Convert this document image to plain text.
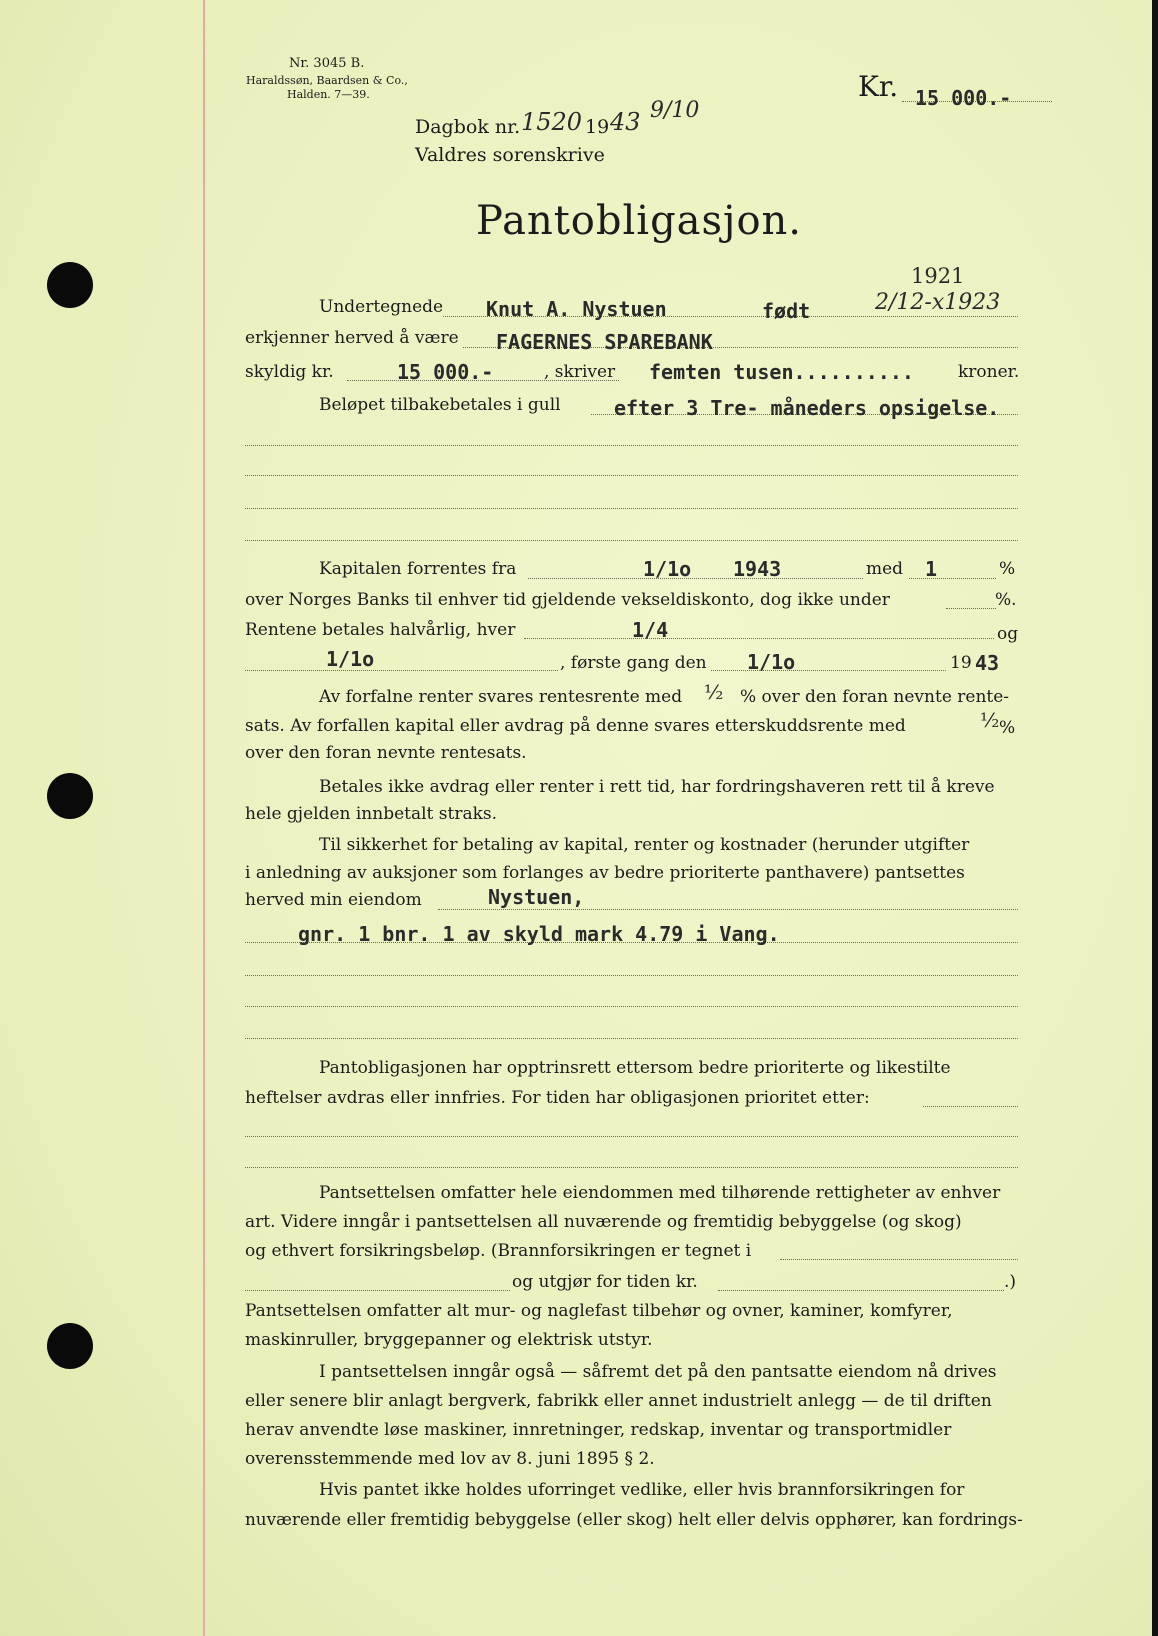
Nr. 3045 B.
Haraldssøn, Baardsen & Co.,
Halden. 7—39.	Kr. 15 000.-
Dagbok nr. 1520 19 43 9/10
Valdres sorenskrive
Pantobligasjon.
1921
Undertegnede Knut A. Nystuen	født	2/12-x1923
erkjenner herved å være FAGERNES SPAREBANK
skyldig kr.	15 000.-	, skriver femten tusen..........	kroner.
Beløpet tilbakebetales i gull	efter 3 Tre- måneders opsigelse.
Kapitalen forrentes fra	1/1o 1943	med 1	%
over Norges Banks til enhver tid gjeldende vekseldiskonto, dog ikke under	%.
Rentene betales halvårlig, hver	1/4	og
1/1o	, første gang den 1/1o	19 43
Av forfalne renter svares rentesrente med ½ % over den foran nevnte rente-
sats. Av forfallen kapital eller avdrag på denne svares etterskuddsrente med	½ %
over den foran nevnte rentesats.
Betales ikke avdrag eller renter i rett tid, har fordringshaveren rett til å kreve
hele gjelden innbetalt straks.
Til sikkerhet for betaling av kapital, renter og kostnader (herunder utgifter
i anledning av auksjoner som forlanges av bedre prioriterte panthavere) pantsettes
herved min eiendom	Nystuen,
gnr. 1 bnr. 1 av skyld mark 4.79 i Vang.
Pantobligasjonen har opptrinsrett ettersom bedre prioriterte og likestilte
heftelser avdras eller innfries. For tiden har obligasjonen prioritet etter:
Pantsettelsen omfatter hele eiendommen med tilhørende rettigheter av enhver
art. Videre inngår i pantsettelsen all nuværende og fremtidig bebyggelse (og skog)
og ethvert forsikringsbeløp. (Brannforsikringen er tegnet i
og utgjør for tiden kr.	.)
Pantsettelsen omfatter alt mur- og naglefast tilbehør og ovner, kaminer, komfyrer,
maskinruller, bryggepanner og elektrisk utstyr.
I pantsettelsen inngår også — såfremt det på den pantsatte eiendom nå drives
eller senere blir anlagt bergverk, fabrikk eller annet industrielt anlegg — de til driften
herav anvendte løse maskiner, innretninger, redskap, inventar og transportmidler
overensstemmende med lov av 8. juni 1895 § 2.
Hvis pantet ikke holdes uforringet vedlike, eller hvis brannforsikringen for
nuværende eller fremtidig bebyggelse (eller skog) helt eller delvis opphører, kan fordrings-
